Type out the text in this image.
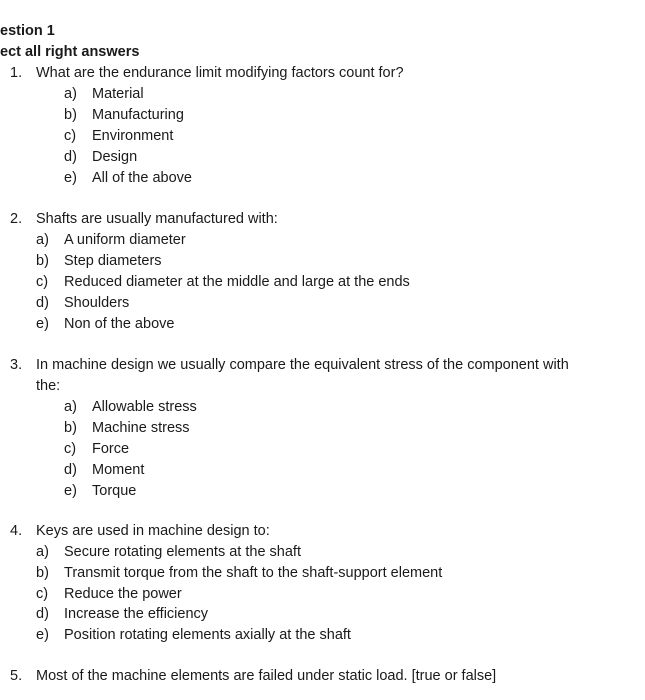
estion 1
ect all right answers
1. What are the endurance limit modifying factors count for?
a) Material
b) Manufacturing
c) Environment
d) Design
e) All of the above
2. Shafts are usually manufactured with:
a) A uniform diameter
b) Step diameters
c) Reduced diameter at the middle and large at the ends
d) Shoulders
e) Non of the above
3. In machine design we usually compare the equivalent stress of the component with
the:
a) Allowable stress
b) Machine stress
c) Force
d) Moment
e) Torque
4. Keys are used in machine design to:
a) Secure rotating elements at the shaft
b) Transmit torque from the shaft to the shaft-support element
c) Reduce the power
d) Increase the efficiency
e) Position rotating elements axially at the shaft
5. Most of the machine elements are failed under static load. [true or false]
